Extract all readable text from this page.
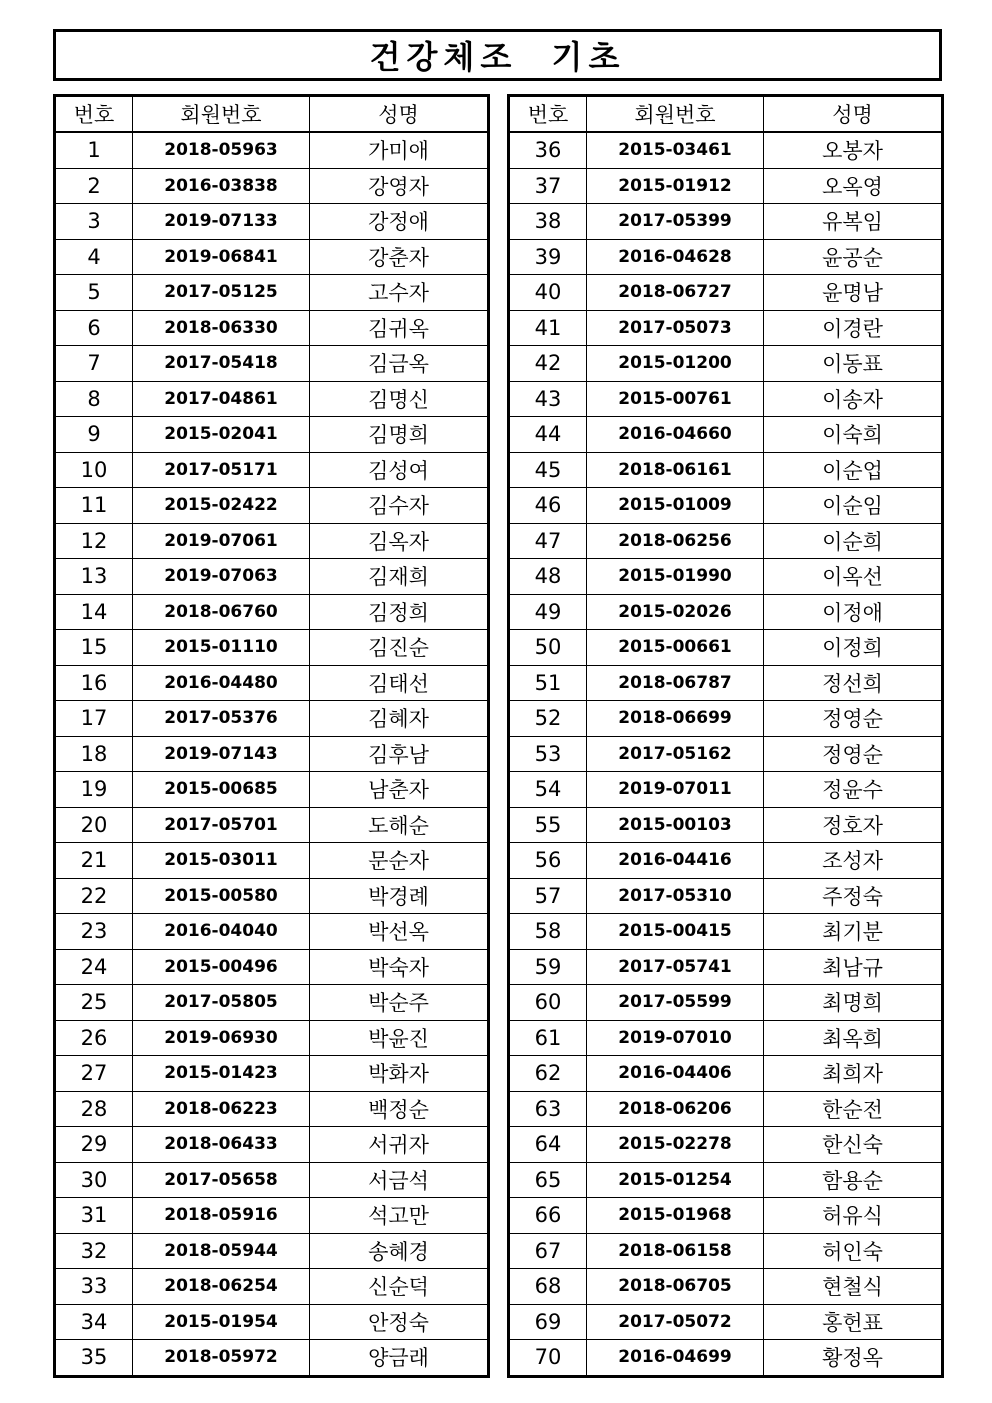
건강체조  기초
번호	회원번호	성명
1	2018-05963	가미애
2	2016-03838	강영자
3	2019-07133	강정애
4	2019-06841	강춘자
5	2017-05125	고수자
6	2018-06330	김귀옥
7	2017-05418	김금옥
8	2017-04861	김명신
9	2015-02041	김명희
10	2017-05171	김성여
11	2015-02422	김수자
12	2019-07061	김옥자
13	2019-07063	김재희
14	2018-06760	김정희
15	2015-01110	김진순
16	2016-04480	김태선
17	2017-05376	김혜자
18	2019-07143	김후남
19	2015-00685	남춘자
20	2017-05701	도해순
21	2015-03011	문순자
22	2015-00580	박경례
23	2016-04040	박선옥
24	2015-00496	박숙자
25	2017-05805	박순주
26	2019-06930	박윤진
27	2015-01423	박화자
28	2018-06223	백정순
29	2018-06433	서귀자
30	2017-05658	서금석
31	2018-05916	석고만
32	2018-05944	송혜경
33	2018-06254	신순덕
34	2015-01954	안정숙
35	2018-05972	양금래
번호	회원번호	성명
36	2015-03461	오봉자
37	2015-01912	오옥영
38	2017-05399	유복임
39	2016-04628	윤공순
40	2018-06727	윤명남
41	2017-05073	이경란
42	2015-01200	이동표
43	2015-00761	이송자
44	2016-04660	이숙희
45	2018-06161	이순업
46	2015-01009	이순임
47	2018-06256	이순희
48	2015-01990	이옥선
49	2015-02026	이정애
50	2015-00661	이정희
51	2018-06787	정선희
52	2018-06699	정영순
53	2017-05162	정영순
54	2019-07011	정윤수
55	2015-00103	정호자
56	2016-04416	조성자
57	2017-05310	주정숙
58	2015-00415	최기분
59	2017-05741	최남규
60	2017-05599	최명희
61	2019-07010	최옥희
62	2016-04406	최희자
63	2018-06206	한순전
64	2015-02278	한신숙
65	2015-01254	함용순
66	2015-01968	허유식
67	2018-06158	허인숙
68	2018-06705	현철식
69	2017-05072	홍헌표
70	2016-04699	황정옥
